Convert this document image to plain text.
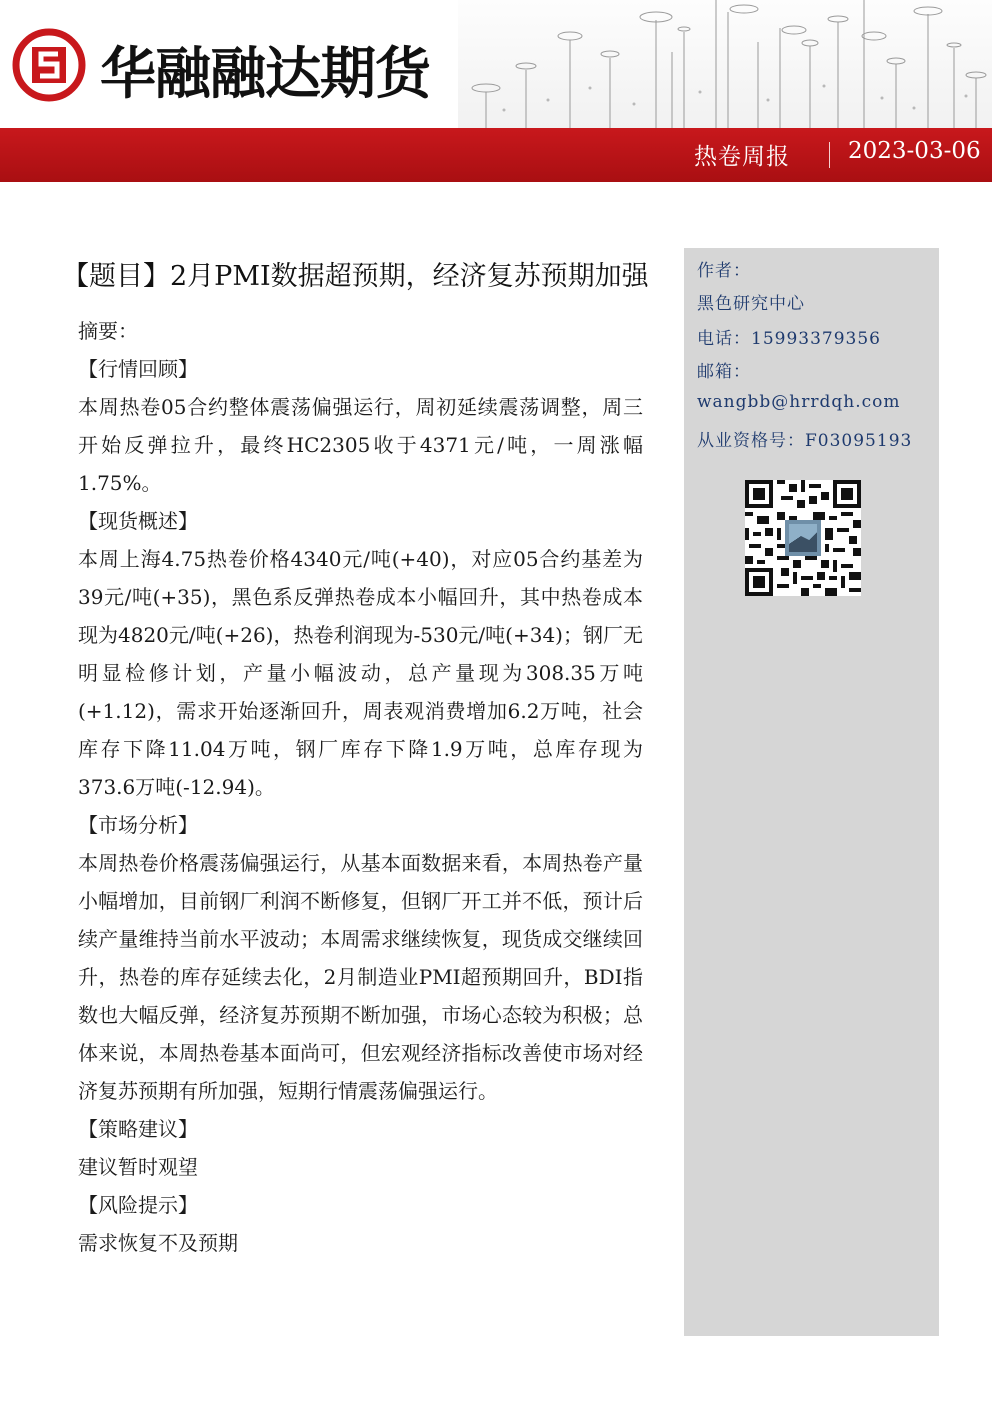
华融融达期货
热卷周报	2023-03-06
作者：
黑色研究中心
电话：15993379356
邮箱：
wangbb@hrrdqh.com
从业资格号：F03095193
【题目】2月PMI数据超预期，经济复苏预期加强

摘要：

【行情回顾】

本周热卷05合约整体震荡偏强运行，周初延续震荡调整，周三开始反弹拉升，最终HC2305收于4371元/吨，一周涨幅1.75%。

【现货概述】

本周上海4.75热卷价格4340元/吨(+40)，对应05合约基差为39元/吨(+35)，黑色系反弹热卷成本小幅回升，其中热卷成本现为4820元/吨(+26)，热卷利润现为-530元/吨(+34)；钢厂无明显检修计划，产量小幅波动，总产量现为308.35万吨(+1.12)，需求开始逐渐回升，周表观消费增加6.2万吨，社会库存下降11.04万吨，钢厂库存下降1.9万吨，总库存现为373.6万吨(-12.94)。

【市场分析】

本周热卷价格震荡偏强运行，从基本面数据来看，本周热卷产量小幅增加，目前钢厂利润不断修复，但钢厂开工并不低，预计后续产量维持当前水平波动；本周需求继续恢复，现货成交继续回升，热卷的库存延续去化，2月制造业PMI超预期回升，BDI指数也大幅反弹，经济复苏预期不断加强，市场心态较为积极；总体来说，本周热卷基本面尚可，但宏观经济指标改善使市场对经济复苏预期有所加强，短期行情震荡偏强运行。

【策略建议】

建议暂时观望

【风险提示】

需求恢复不及预期
